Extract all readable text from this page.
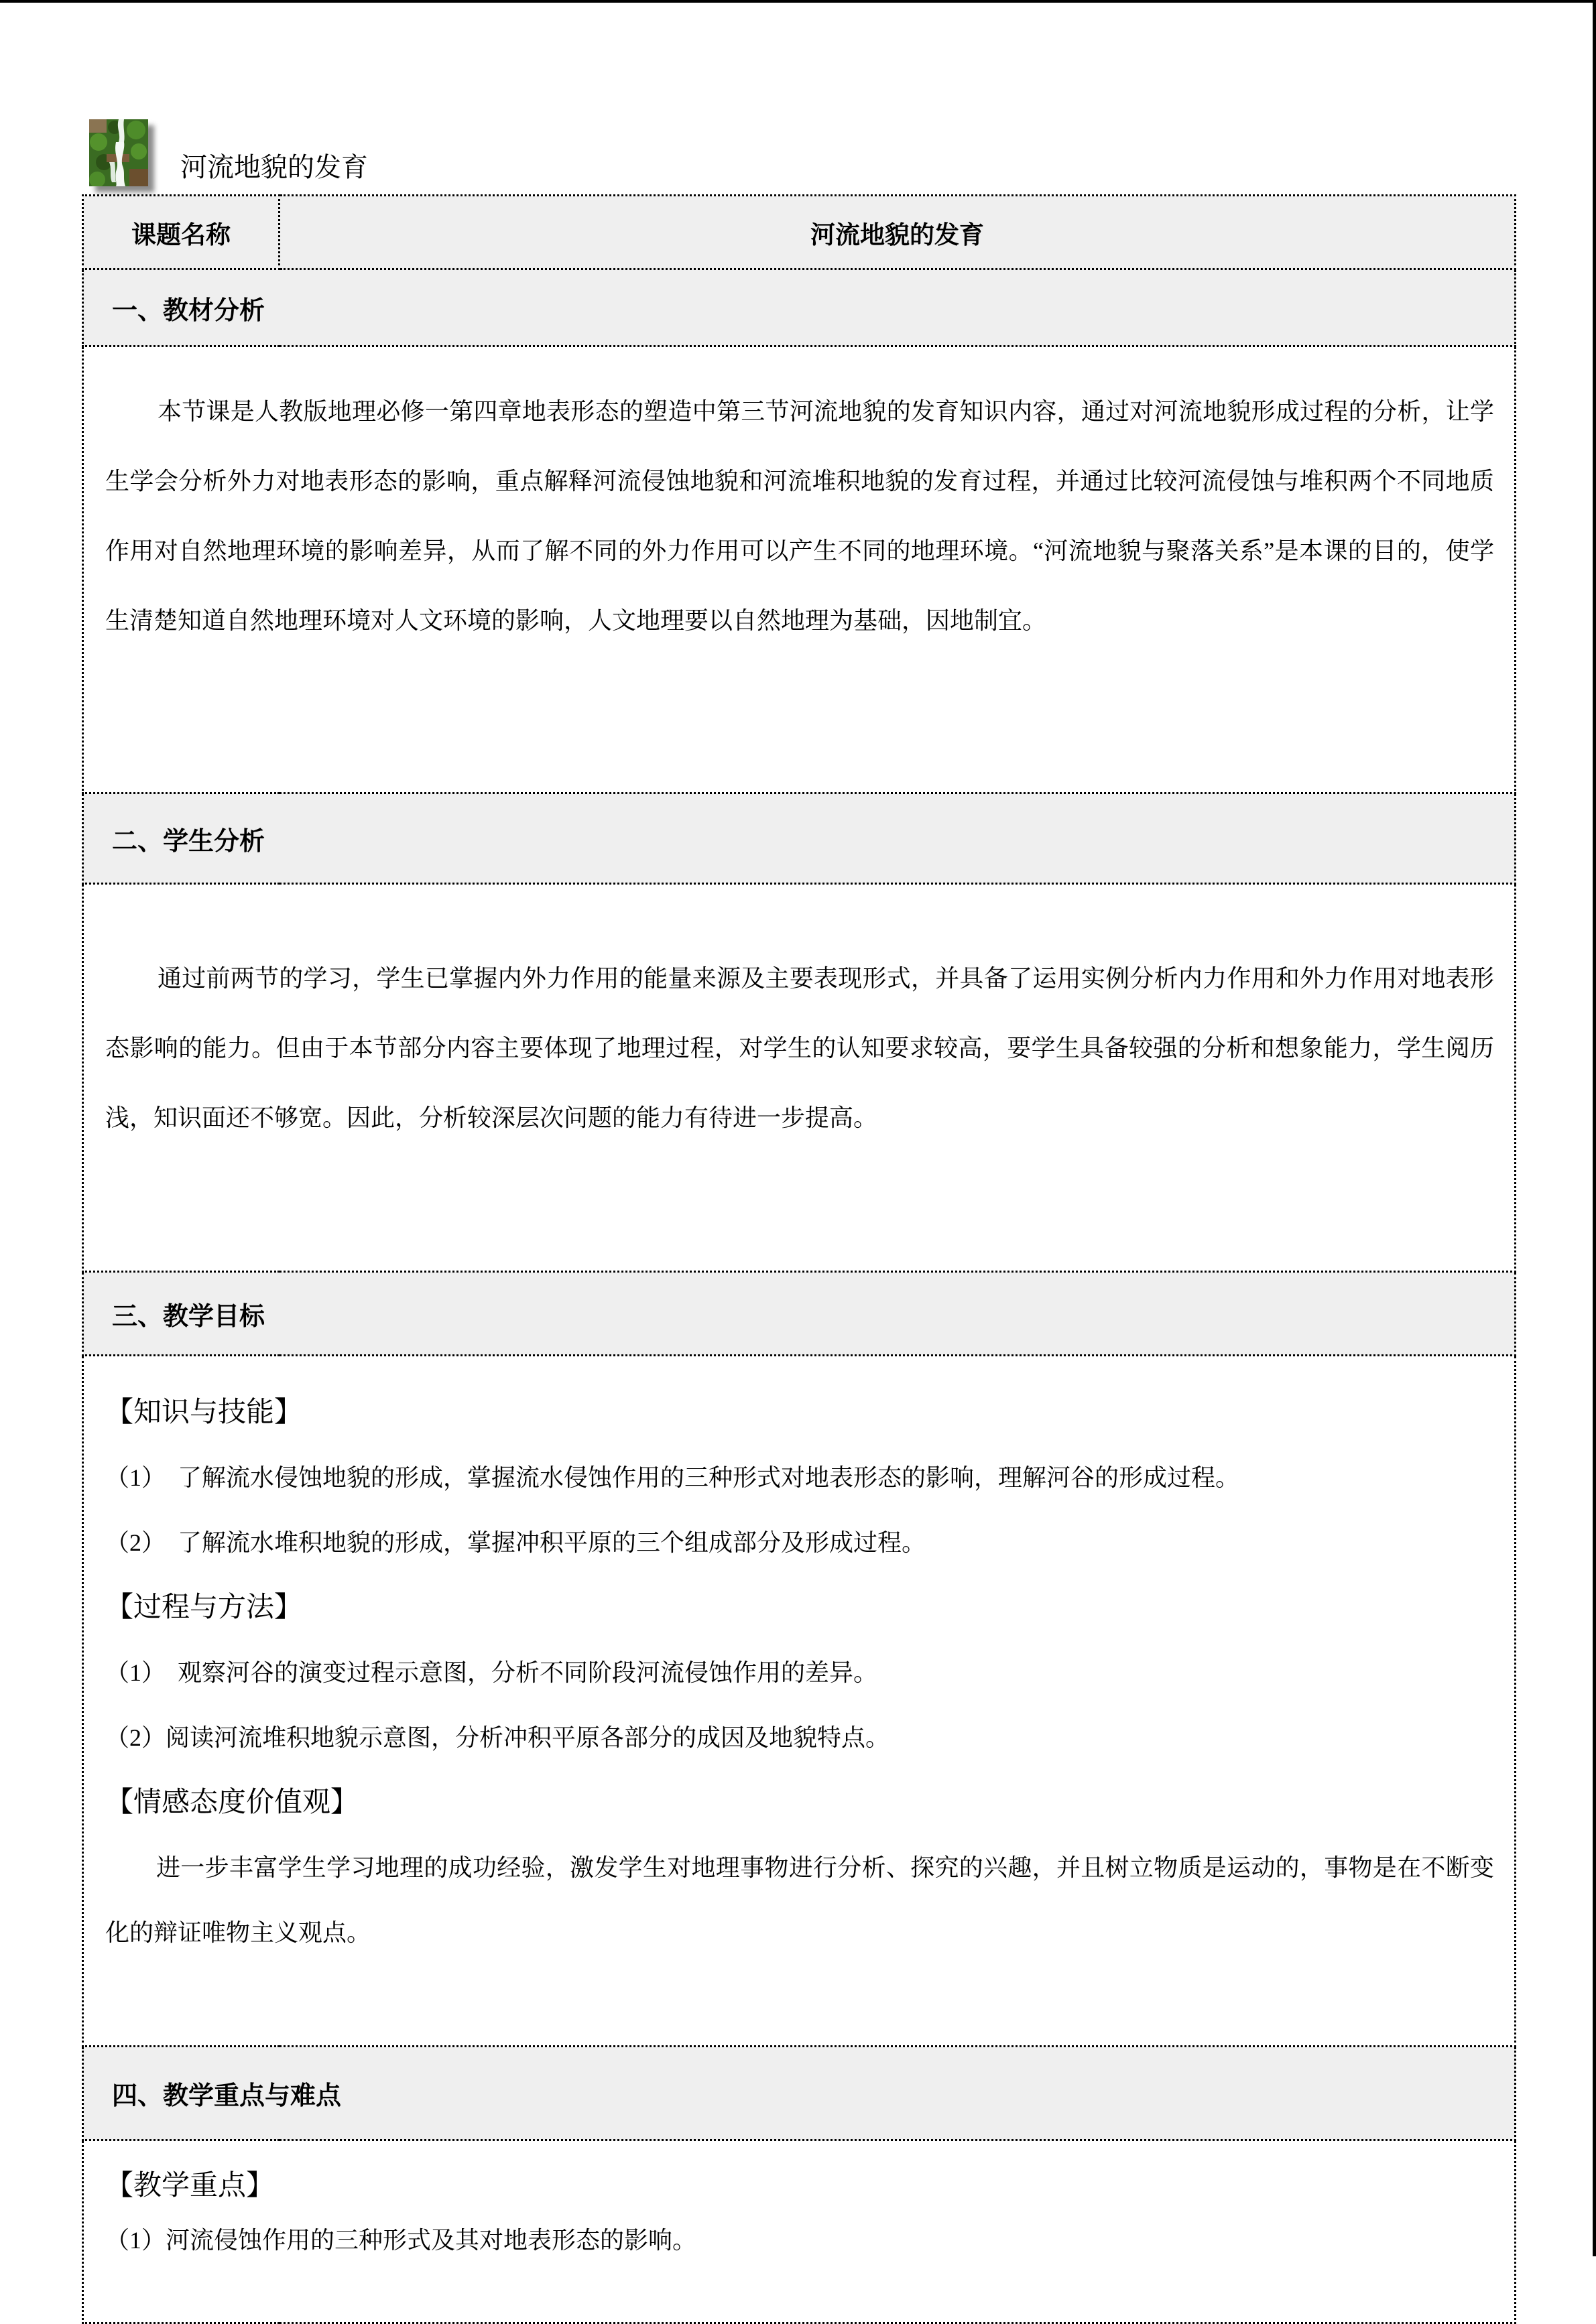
河流地貌的发育
课题名称	河流地貌的发育
一、教材分析

本节课是人教版地理必修一第四章地表形态的塑造中第三节河流地貌的发育知识内容，通过对河流地貌形成过程的分析，让学生学会分析外力对地表形态的影响，重点解释河流侵蚀地貌和河流堆积地貌的发育过程，并通过比较河流侵蚀与堆积两个不同地质作用对自然地理环境的影响差异，从而了解不同的外力作用可以产生不同的地理环境。“河流地貌与聚落关系”是本课的目的，使学生清楚知道自然地理环境对人文环境的影响，人文地理要以自然地理为基础，因地制宜。

二、学生分析

通过前两节的学习，学生已掌握内外力作用的能量来源及主要表现形式，并具备了运用实例分析内力作用和外力作用对地表形态影响的能力。但由于本节部分内容主要体现了地理过程，对学生的认知要求较高，要学生具备较强的分析和想象能力，学生阅历浅，知识面还不够宽。因此，分析较深层次问题的能力有待进一步提高。

三、教学目标

【知识与技能】

（1）　了解流水侵蚀地貌的形成，掌握流水侵蚀作用的三种形式对地表形态的影响，理解河谷的形成过程。

（2）　了解流水堆积地貌的形成，掌握冲积平原的三个组成部分及形成过程。

【过程与方法】

（1）　观察河谷的演变过程示意图，分析不同阶段河流侵蚀作用的差异。

（2）阅读河流堆积地貌示意图，分析冲积平原各部分的成因及地貌特点。

【情感态度价值观】

进一步丰富学生学习地理的成功经验，激发学生对地理事物进行分析、探究的兴趣，并且树立物质是运动的，事物是在不断变化的辩证唯物主义观点。

四、教学重点与难点

【教学重点】

（1）河流侵蚀作用的三种形式及其对地表形态的影响。
